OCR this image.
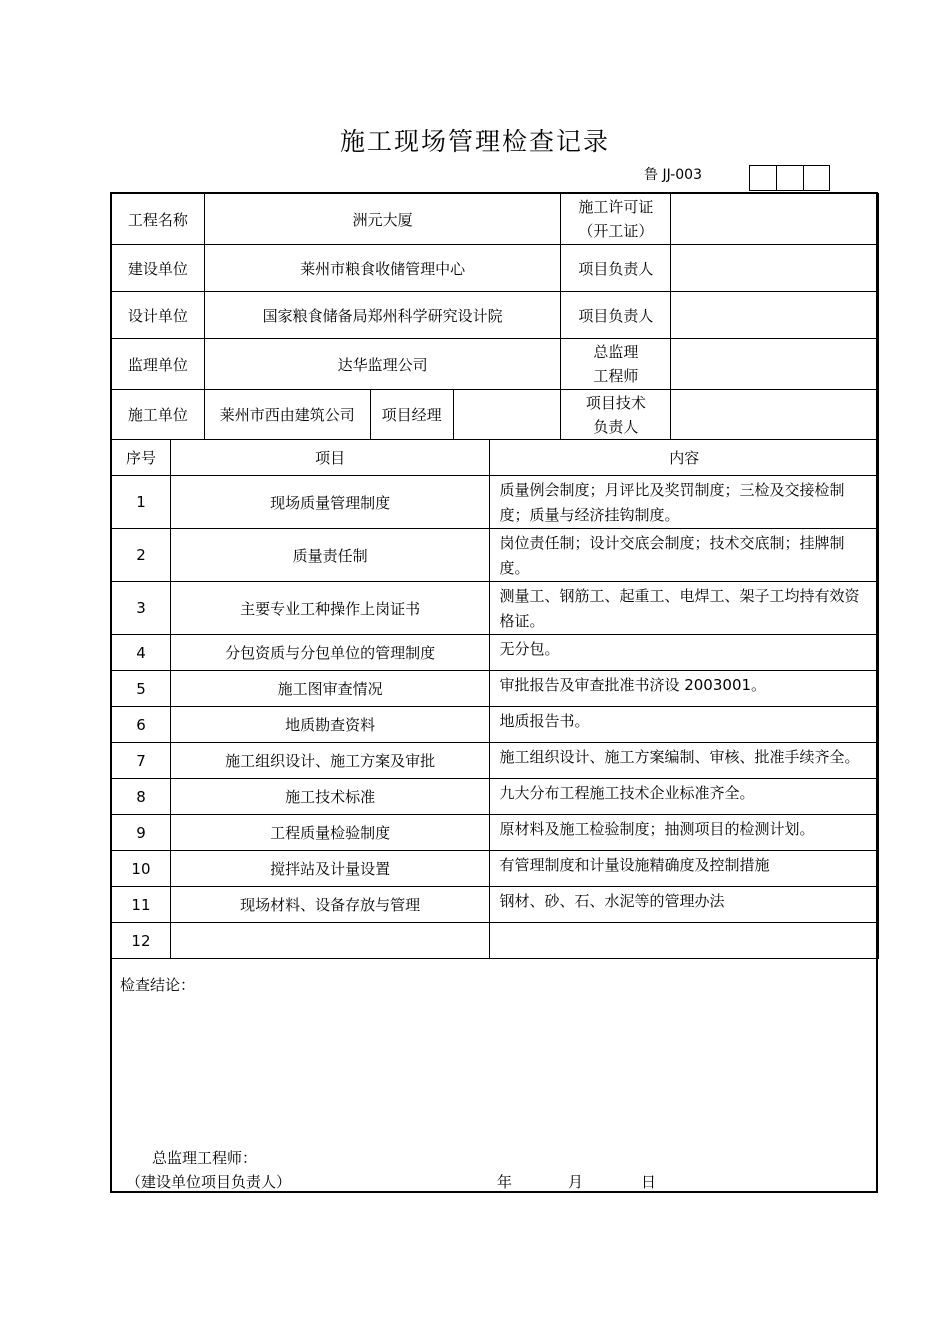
施工现场管理检查记录
鲁 JJ-003
工程名称	洲元大厦			施工许可证
（开工证）	

建设单位	莱州市粮食收储管理中心			项目负责人	
设计单位	国家粮食储备局郑州科学研究设计院			项目负责人	
监理单位	达华监理公司			总监理
工程师	

施工单位	莱州市西由建筑公司	项目经理		项目技术
负责人	

序号	项目	内容
1	现场质量管理制度	质量例会制度；月评比及奖罚制度；三检及交接检制度；质量与经济挂钩制度。
2	质量责任制	岗位责任制；设计交底会制度；技术交底制；挂牌制度。
3	主要专业工种操作上岗证书	测量工、钢筋工、起重工、电焊工、架子工均持有效资格证。
4	分包资质与分包单位的管理制度	无分包。
5	施工图审查情况	审批报告及审查批准书济设 2003001。
6	地质勘查资料	地质报告书。
7	施工组织设计、施工方案及审批	施工组织设计、施工方案编制、审核、批准手续齐全。
8	施工技术标准	九大分布工程施工技术企业标准齐全。
9	工程质量检验制度	原材料及施工检验制度；抽测项目的检测计划。
10	搅拌站及计量设置	有管理制度和计量设施精确度及控制措施
11	现场材料、设备存放与管理	钢材、砂、石、水泥等的管理办法
12		
检查结论：
总监理工程师：
（建设单位项目负责人）	年	月	日
